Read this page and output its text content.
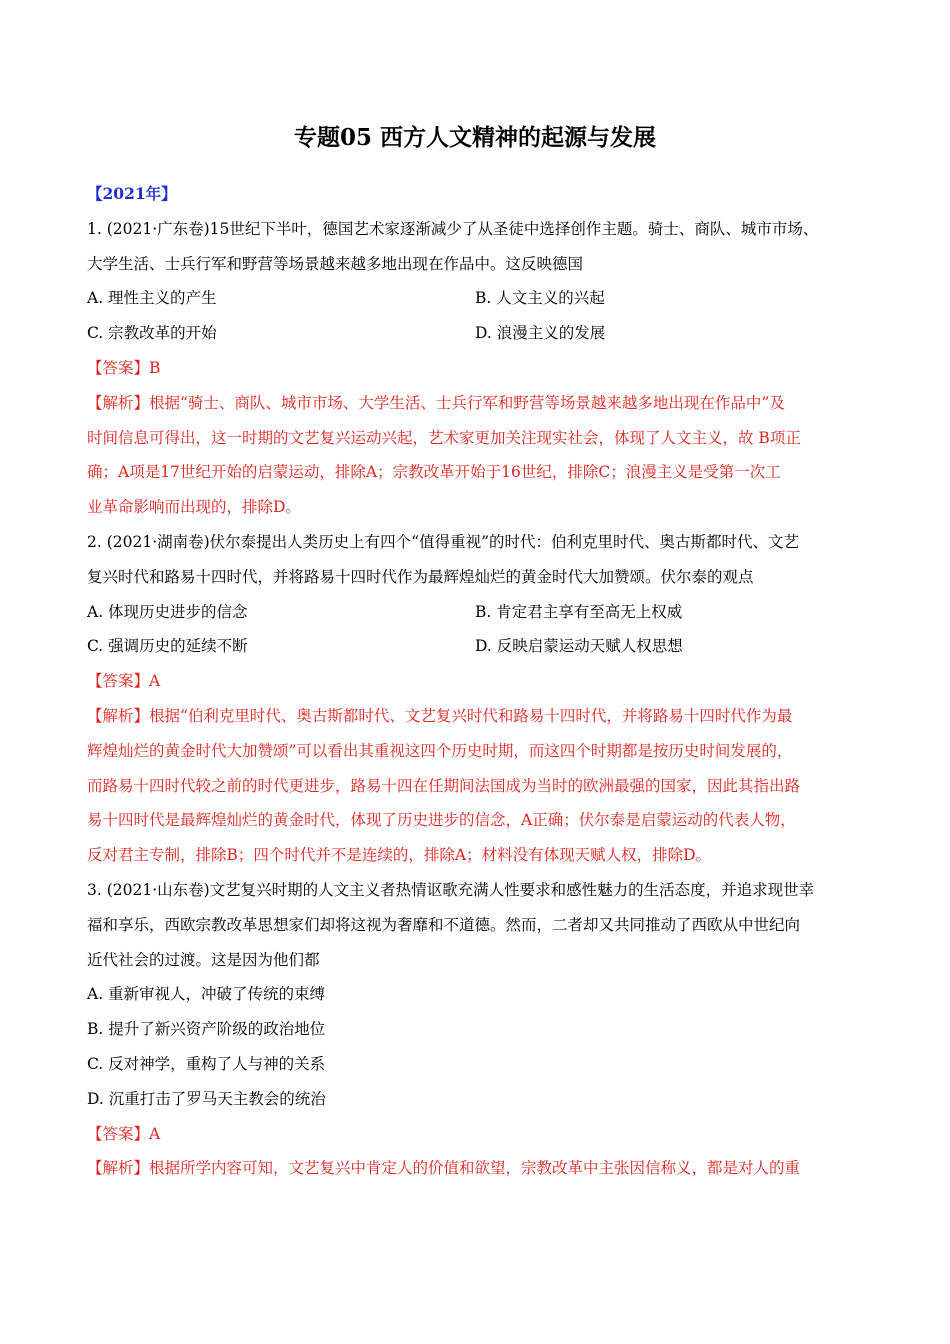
专题05 西方人文精神的起源与发展
【2021年】
1. (2021·广东卷)15世纪下半叶，德国艺术家逐渐减少了从圣徒中选择创作主题。骑士、商队、城市市场、
大学生活、士兵行军和野营等场景越来越多地出现在作品中。这反映德国
A. 理性主义的产生	B. 人文主义的兴起
C. 宗教改革的开始	D. 浪漫主义的发展
【答案】B
【解析】根据“骑士、商队、城市市场、大学生活、士兵行军和野营等场景越来越多地出现在作品中”及
时间信息可得出，这一时期的文艺复兴运动兴起，艺术家更加关注现实社会，体现了人文主义，故 B项正
确；A项是17世纪开始的启蒙运动，排除A；宗教改革开始于16世纪，排除C；浪漫主义是受第一次工
业革命影响而出现的，排除D。
2. (2021·湖南卷)伏尔泰提出人类历史上有四个“值得重视”的时代：伯利克里时代、奥古斯都时代、文艺
复兴时代和路易十四时代，并将路易十四时代作为最辉煌灿烂的黄金时代大加赞颂。伏尔泰的观点
A. 体现历史进步的信念	B. 肯定君主享有至高无上权威
C. 强调历史的延续不断	D. 反映启蒙运动天赋人权思想
【答案】A
【解析】根据“伯利克里时代、奥古斯都时代、文艺复兴时代和路易十四时代，并将路易十四时代作为最
辉煌灿烂的黄金时代大加赞颂”可以看出其重视这四个历史时期，而这四个时期都是按历史时间发展的，
而路易十四时代较之前的时代更进步，路易十四在任期间法国成为当时的欧洲最强的国家，因此其指出路
易十四时代是最辉煌灿烂的黄金时代，体现了历史进步的信念，A正确；伏尔泰是启蒙运动的代表人物，
反对君主专制，排除B；四个时代并不是连续的，排除A；材料没有体现天赋人权，排除D。
3. (2021·山东卷)文艺复兴时期的人文主义者热情讴歌充满人性要求和感性魅力的生活态度，并追求现世幸
福和享乐，西欧宗教改革思想家们却将这视为奢靡和不道德。然而，二者却又共同推动了西欧从中世纪向
近代社会的过渡。这是因为他们都
A. 重新审视人，冲破了传统的束缚
B. 提升了新兴资产阶级的政治地位
C. 反对神学，重构了人与神的关系
D. 沉重打击了罗马天主教会的统治
【答案】A
【解析】根据所学内容可知，文艺复兴中肯定人的价值和欲望，宗教改革中主张因信称义，都是对人的重
